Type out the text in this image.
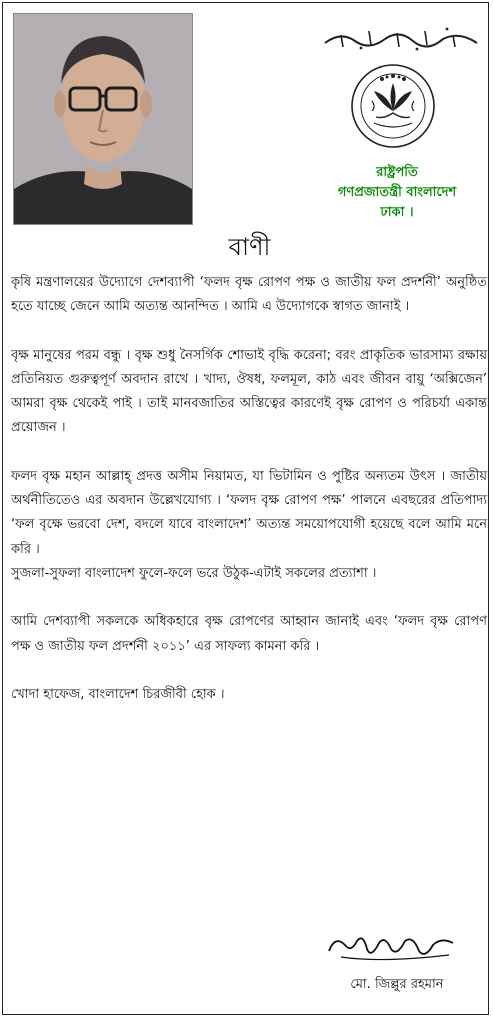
রাষ্ট্রপতি
গণপ্রজাতন্ত্রী বাংলাদেশ
ঢাকা ।
বাণী

কৃষি মন্ত্রণালয়ের উদ্যোগে দেশব্যাপী ‘ফলদ বৃক্ষ রোপণ পক্ষ ও জাতীয় ফল প্রদর্শনী’ অনুষ্ঠিত হতে যাচ্ছে জেনে আমি অত্যন্ত আনন্দিত । আমি এ উদ্যোগকে স্বাগত জানাই ।

বৃক্ষ মানুষের পরম বন্ধু । বৃক্ষ শুধু নৈসর্গিক শোভাই বৃদ্ধি করেনা; বরং প্রাকৃতিক ভারসাম্য রক্ষায় প্রতিনিয়ত গুরুত্বপূর্ণ অবদান রাখে । খাদ্য, ঔষধ, ফলমূল, কাঠ এবং জীবন বায়ু ‘অক্সিজেন’ আমরা বৃক্ষ থেকেই পাই । তাই মানবজাতির অস্তিত্বের কারণেই বৃক্ষ রোপণ ও পরিচর্যা একান্ত প্রয়োজন ।

ফলদ বৃক্ষ মহান আল্লাহ্ প্রদত্ত অসীম নিয়ামত, যা ভিটামিন ও পুষ্টির অন্যতম উৎস । জাতীয় অর্থনীতিতেও এর অবদান উল্লেখযোগ্য । ‘ফলদ বৃক্ষ রোপণ পক্ষ’ পালনে এবছরের প্রতিপাদ্য ‘ফল বৃক্ষে ভরবো দেশ, বদলে যাবে বাংলাদেশ’ অত্যন্ত সময়োপযোগী হয়েছে বলে আমি মনে করি ।

সুজলা-সুফলা বাংলাদেশ ফুলে-ফলে ভরে উঠুক-এটাই সকলের প্রত্যাশা ।

আমি দেশব্যাপী সকলকে অধিকহারে বৃক্ষ রোপণের আহ্বান জানাই এবং ‘ফলদ বৃক্ষ রোপণ পক্ষ ও জাতীয় ফল প্রদর্শনী ২০১১’ এর সাফল্য কামনা করি ।

খোদা হাফেজ, বাংলাদেশ চিরজীবী হোক ।

মো. জিল্লুর রহমান
